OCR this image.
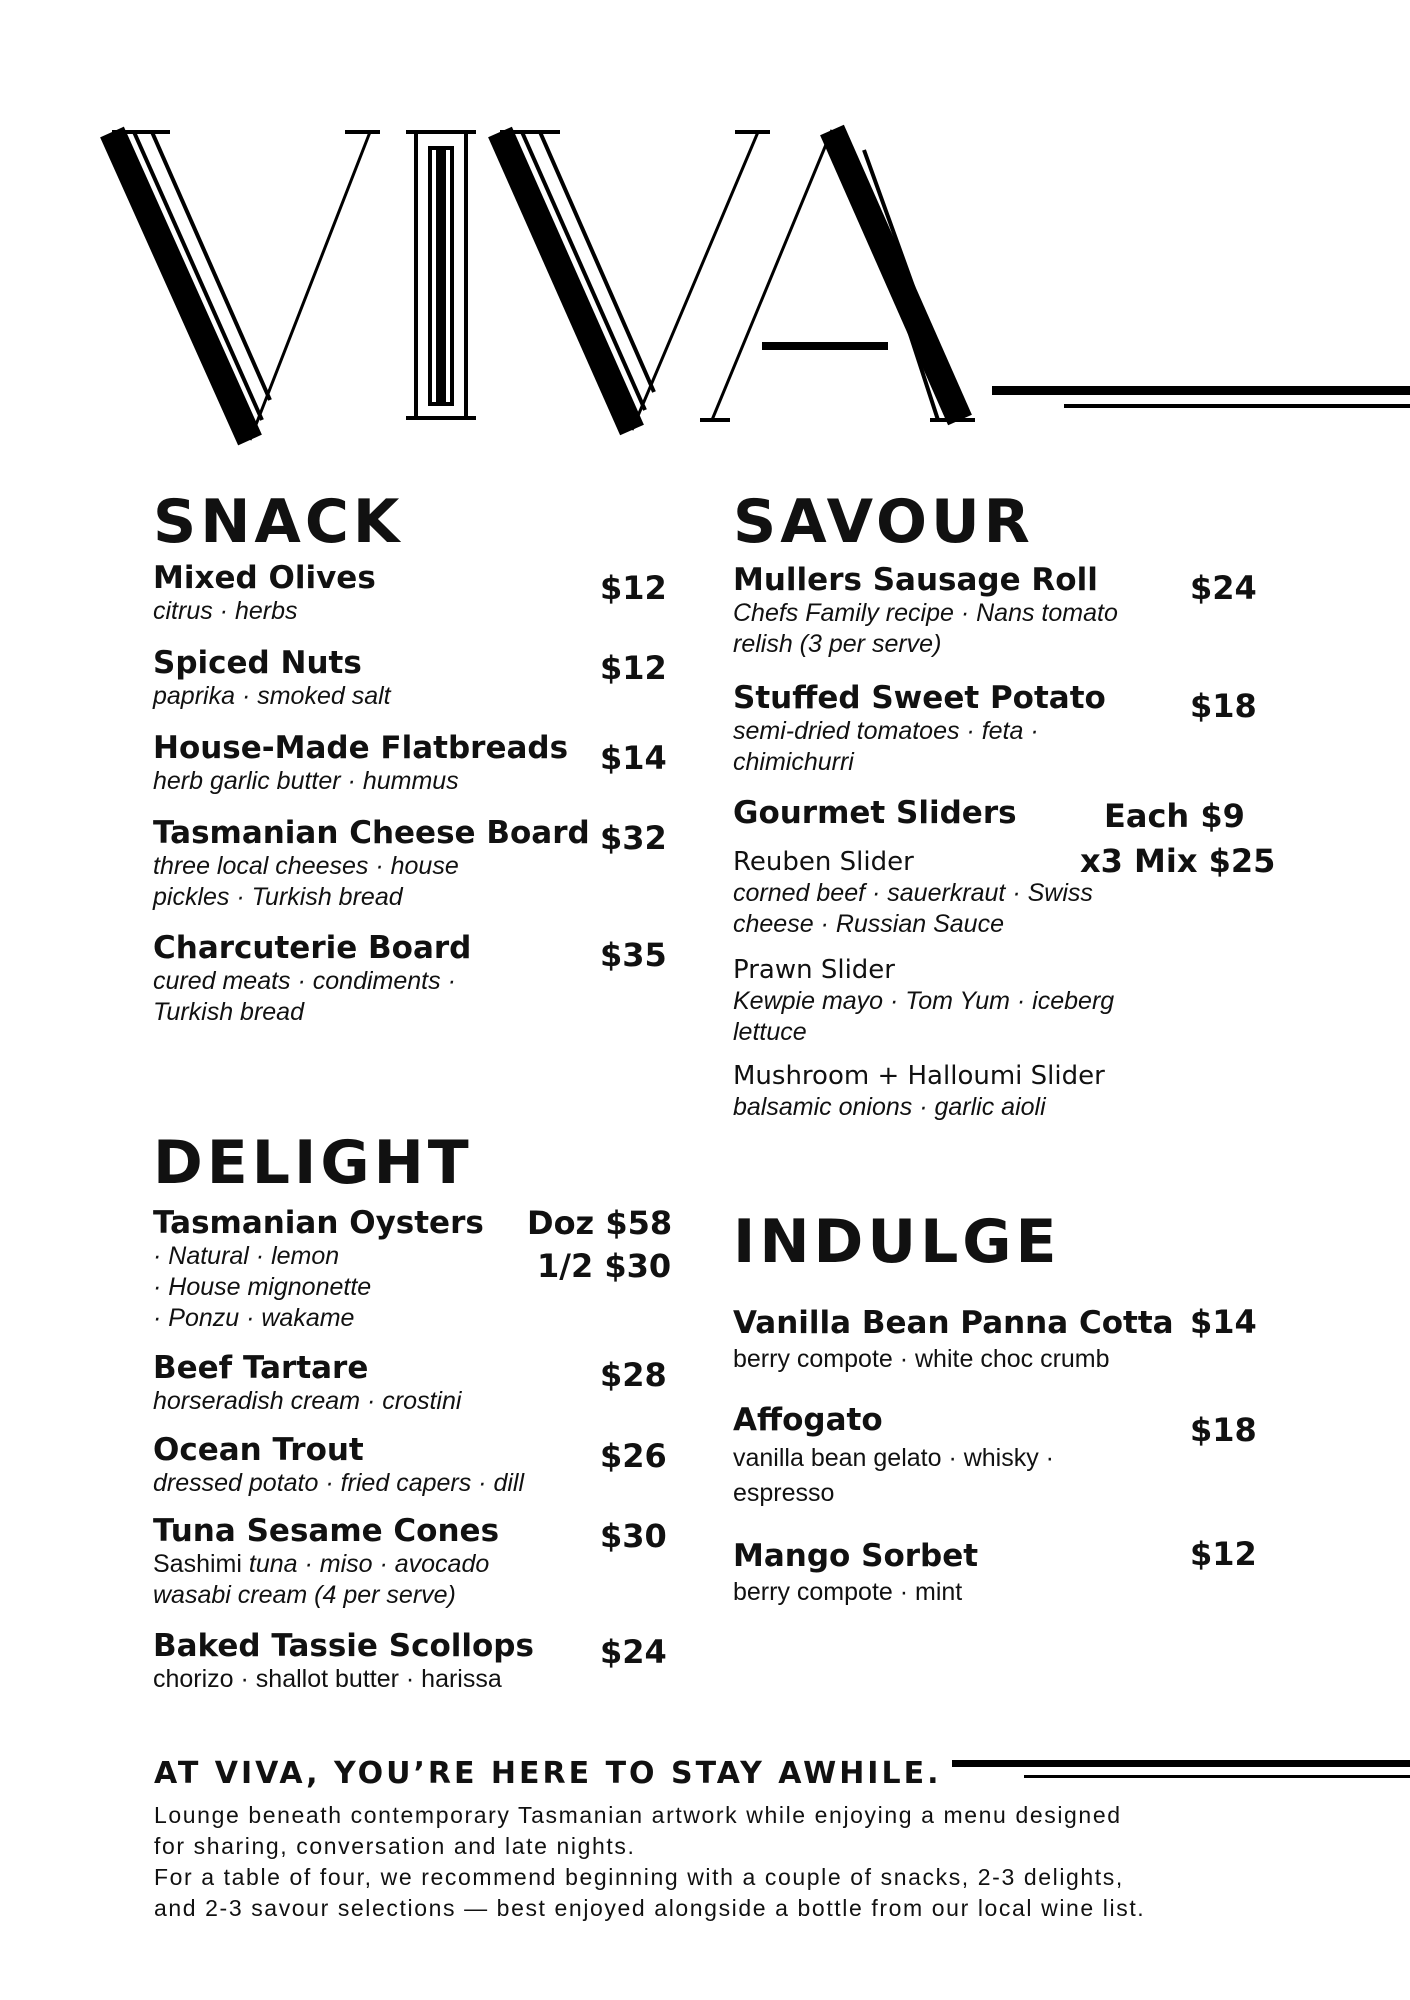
SNACK
Mixed Olives
citrus · herbs
$12
Spiced Nuts
paprika · smoked salt
$12
House-Made Flatbreads
herb garlic butter · hummus
$14
Tasmanian Cheese Board
three local cheeses · house
pickles · Turkish bread
$32
Charcuterie Board
cured meats · condiments ·
Turkish bread
$35
DELIGHT
Tasmanian Oysters
· Natural · lemon
· House mignonette
· Ponzu · wakame
Doz $58
1/2 $30
Beef Tartare
horseradish cream · crostini
$28
Ocean Trout
dressed potato · fried capers · dill
$26
Tuna Sesame Cones
Sashimi tuna · miso · avocado
wasabi cream (4 per serve)
$30
Baked Tassie Scollops
chorizo · shallot butter · harissa
$24
SAVOUR
Mullers Sausage Roll
Chefs Family recipe · Nans tomato
relish (3 per serve)
$24
Stuffed Sweet Potato
semi-dried tomatoes · feta ·
chimichurri
$18
Gourmet Sliders	Each $9
x3 Mix $25
Reuben Slider
corned beef · sauerkraut · Swiss
cheese · Russian Sauce
Prawn Slider
Kewpie mayo · Tom Yum · iceberg
lettuce
Mushroom + Halloumi Slider
balsamic onions · garlic aioli
INDULGE
Vanilla Bean Panna Cotta
berry compote · white choc crumb
$14
Affogato
vanilla bean gelato · whisky ·
espresso
$18
Mango Sorbet
berry compote · mint
$12
AT VIVA, YOU’RE HERE TO STAY AWHILE.

Lounge beneath contemporary Tasmanian artwork while enjoying a menu designed

for sharing, conversation and late nights.

For a table of four, we recommend beginning with a couple of snacks, 2-3 delights,

and 2-3 savour selections — best enjoyed alongside a bottle from our local wine list.
